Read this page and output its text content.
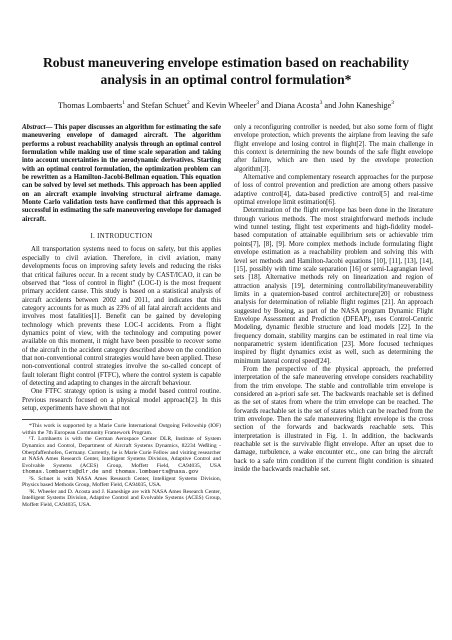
Robust maneuvering envelope estimation based on reachability analysis in an optimal control formulation*
Thomas Lombaerts$^1$ and Stefan Schuet$^2$ and Kevin Wheeler$^3$ and Diana Acosta$^3$ and John Kaneshige$^3$

Abstract— This paper discusses an algorithm for estimating the safe maneuvering envelope of damaged aircraft. The algorithm performs a robust reachability analysis through an optimal control formulation while making use of time scale separation and taking into account uncertainties in the aerodynamic derivatives. Starting with an optimal control formulation, the optimization problem can be rewritten as a Hamilton-Jacobi-Bellman equation. This equation can be solved by level set methods. This approach has been applied on an aircraft example involving structural airframe damage. Monte Carlo validation tests have confirmed that this approach is successful in estimating the safe maneuvering envelope for damaged aircraft.

I. INTRODUCTION

All transportation systems need to focus on safety, but this applies especially to civil aviation. Therefore, in civil aviation, many developments focus on improving safety levels and reducing the risks that critical failures occur. In a recent study by CAST/ICAO, it can be observed that “loss of control in flight” (LOC-I) is the most frequent primary accident cause. This study is based on a statistical analysis of aircraft accidents between 2002 and 2011, and indicates that this category accounts for as much as 23% of all fatal aircraft accidents and involves most fatalities[1]. Benefit can be gained by developing technology which prevents these LOC-I accidents. From a flight dynamics point of view, with the technology and computing power available on this moment, it might have been possible to recover some of the aircraft in the accident category described above on the condition that non-conventional control strategies would have been applied. These non-conventional control strategies involve the so-called concept of fault tolerant flight control (FTFC), where the control system is capable of detecting and adapting to changes in the aircraft behaviour.

One FTFC strategy option is using a model based control routine. Previous research focused on a physical model approach[2]. In this setup, experiments have shown that not

*This work is supported by a Marie Curie International Outgoing Fellowship (IOF) within the 7th European Community Framework Program.

¹T. Lombaerts is with the German Aerospace Center DLR, Institute of System Dynamics and Control, Department of Aircraft Systems Dynamics, 82234 Weßling - Oberpfaffenhofen, Germany. Currently, he is Marie Curie Fellow and visiting researcher at NASA Ames Research Center, Intelligent Systems Division, Adaptive Control and Evolvable Systems (ACES) Group, Moffett Field, CA94035, USA thomas.lombaerts@dlr.de and thomas.lombaerts@nasa.gov

²S. Schuet is with NASA Ames Research Center, Intelligent Systems Division, Physics based Methods Group, Moffett Field, CA94035, USA.

³K. Wheeler and D. Acosta and J. Kaneshige are with NASA Ames Research Center, Intelligent Systems Division, Adaptive Control and Evolvable Systems (ACES) Group, Moffett Field, CA94035, USA.

only a reconfiguring controller is needed, but also some form of flight envelope protection, which prevents the airplane from leaving the safe flight envelope and losing control in flight[2]. The main challenge in this context is determining the new bounds of the safe flight envelope after failure, which are then used by the envelope protection algorithm[3].

Alternative and complementary research approaches for the purpose of loss of control prevention and prediction are among others passive adaptive control[4], data-based predictive control[5] and real-time optimal envelope limit estimation[6].

Determination of the flight envelope has been done in the literature through various methods. The most straightforward methods include wind tunnel testing, flight test experiments and high-fidelity model-based computation of attainable equilibrium sets or achievable trim points[7], [8], [9]. More complex methods include formulating flight envelope estimation as a reachability problem and solving this with level set methods and Hamilton-Jacobi equations [10], [11], [13], [14], [15], possibly with time scale separation [16] or semi-Lagrangian level sets [18]. Alternative methods rely on linearization and region of attraction analysis [19], determining controllability/maneuverability limits in a quaternion-based control architecture[20] or robustness analysis for determination of reliable flight regimes [21]. An approach suggested by Boeing, as part of the NASA program Dynamic Flight Envelope Assessment and Prediction (DFEAP), uses Control-Centric Modeling, dynamic flexible structure and load models [22]. In the frequency domain, stability margins can be estimated in real time via nonparametric system identification [23]. More focused techniques inspired by flight dynamics exist as well, such as determining the minimum lateral control speed[24].

From the perspective of the physical approach, the preferred interpretation of the safe maneuvering envelope considers reachability from the trim envelope. The stable and controllable trim envelope is considered an a-priori safe set. The backwards reachable set is defined as the set of states from where the trim envelope can be reached. The forwards reachable set is the set of states which can be reached from the trim envelope. Then the safe maneuvering flight envelope is the cross section of the forwards and backwards reachable sets. This interpretation is illustrated in Fig. 1. In addition, the backwards reachable set is the survivable flight envelope. After an upset due to damage, turbulence, a wake encounter etc., one can bring the aircraft back to a safe trim condition if the current flight condition is situated inside the backwards reachable set.
